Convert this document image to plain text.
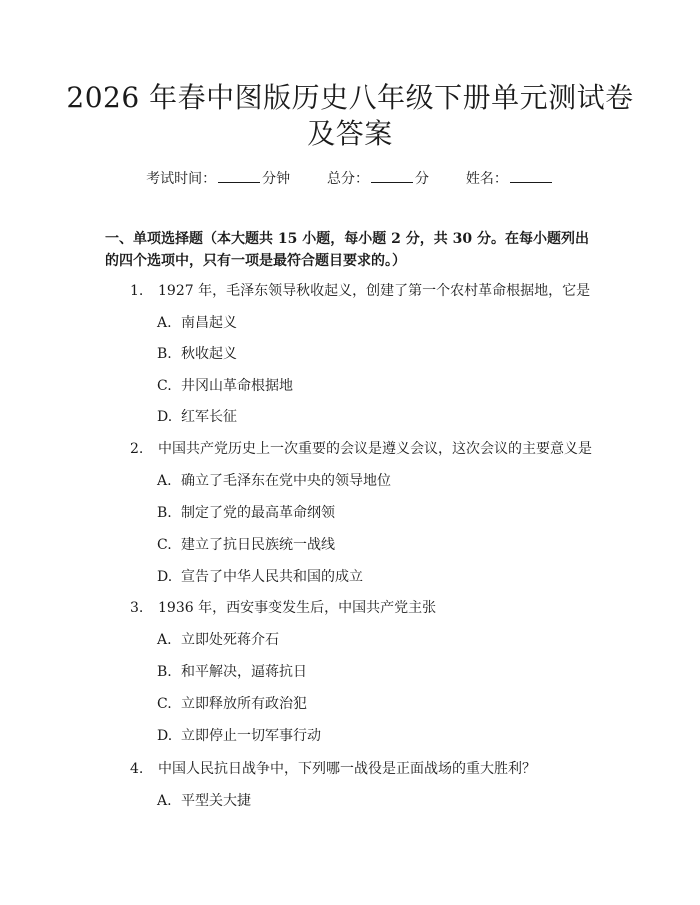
2026 年春中图版历史八年级下册单元测试卷
及答案
考试时间：	分钟	总分：	分	姓名：
一、单项选择题（本大题共 15 小题，每小题 2 分，共 30 分。在每小题列出的四个选项中，只有一项是最符合题目要求的。）
1. 1927 年，毛泽东领导秋收起义，创建了第一个农村革命根据地，它是
A. 南昌起义
B. 秋收起义
C. 井冈山革命根据地
D. 红军长征
2. 中国共产党历史上一次重要的会议是遵义会议，这次会议的主要意义是
A. 确立了毛泽东在党中央的领导地位
B. 制定了党的最高革命纲领
C. 建立了抗日民族统一战线
D. 宣告了中华人民共和国的成立
3. 1936 年，西安事变发生后，中国共产党主张
A. 立即处死蒋介石
B. 和平解决，逼蒋抗日
C. 立即释放所有政治犯
D. 立即停止一切军事行动
4. 中国人民抗日战争中，下列哪一战役是正面战场的重大胜利？
A. 平型关大捷
